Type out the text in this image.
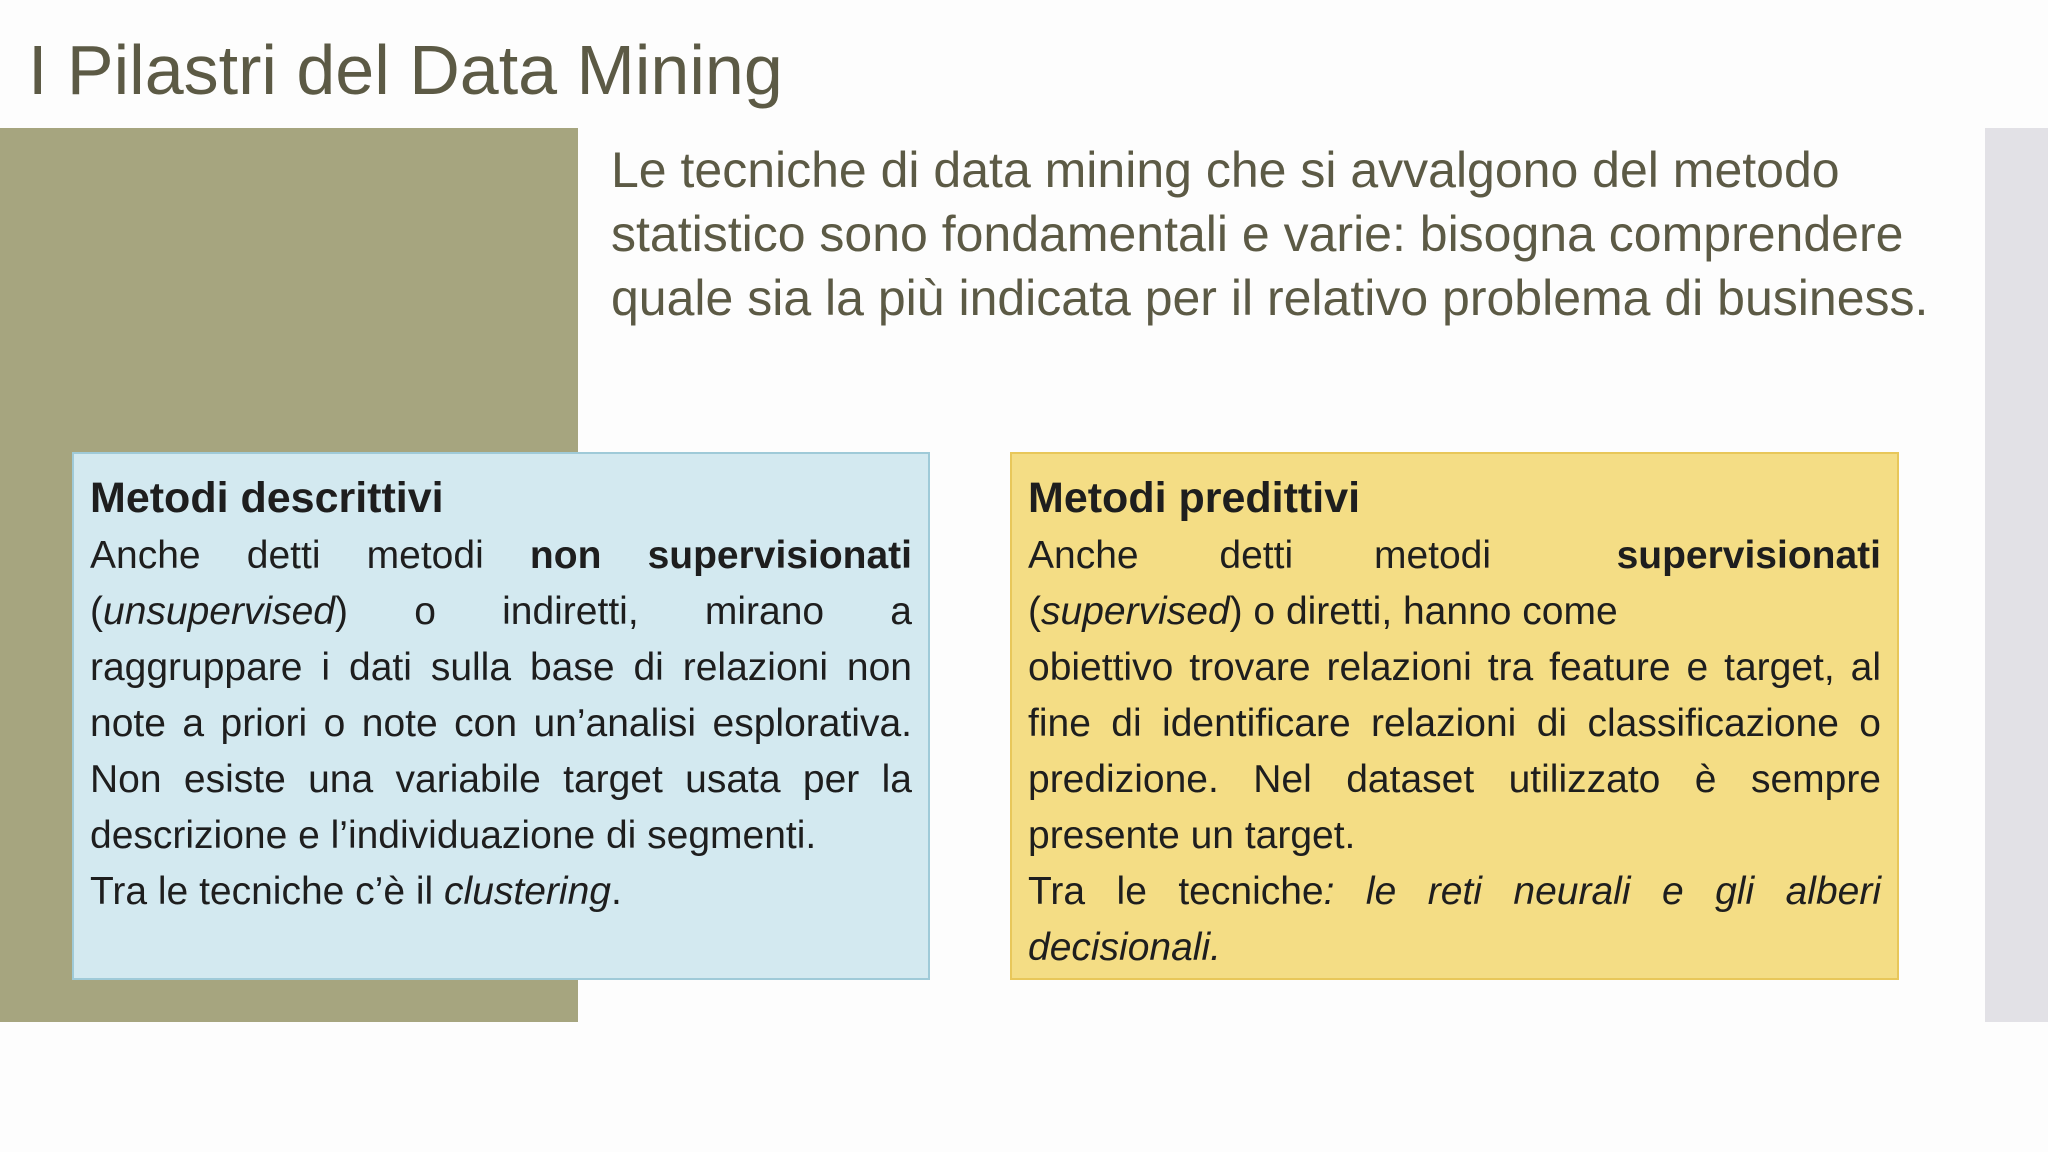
I Pilastri del Data Mining
Le tecniche di data mining che si avvalgono del metodo statistico sono fondamentali e varie: bisogna comprendere quale sia la più indicata per il relativo problema di business.
Metodi descrittivi
Anche detti metodi non supervisionati (unsupervised) o indiretti, mirano a raggruppare i dati sulla base di relazioni non note a priori o note con un’analisi esplorativa. Non esiste una variabile target usata per la descrizione e l’individuazione di segmenti.
Tra le tecniche c’è il clustering.
Metodi predittivi
Anche detti metodi	supervisionati
(supervised) o diretti, hanno come
obiettivo trovare relazioni tra feature e target, al fine di identificare relazioni di classificazione o predizione. Nel dataset utilizzato è sempre presente un target.
Tra le tecniche: le reti neurali e gli alberi decisionali.
